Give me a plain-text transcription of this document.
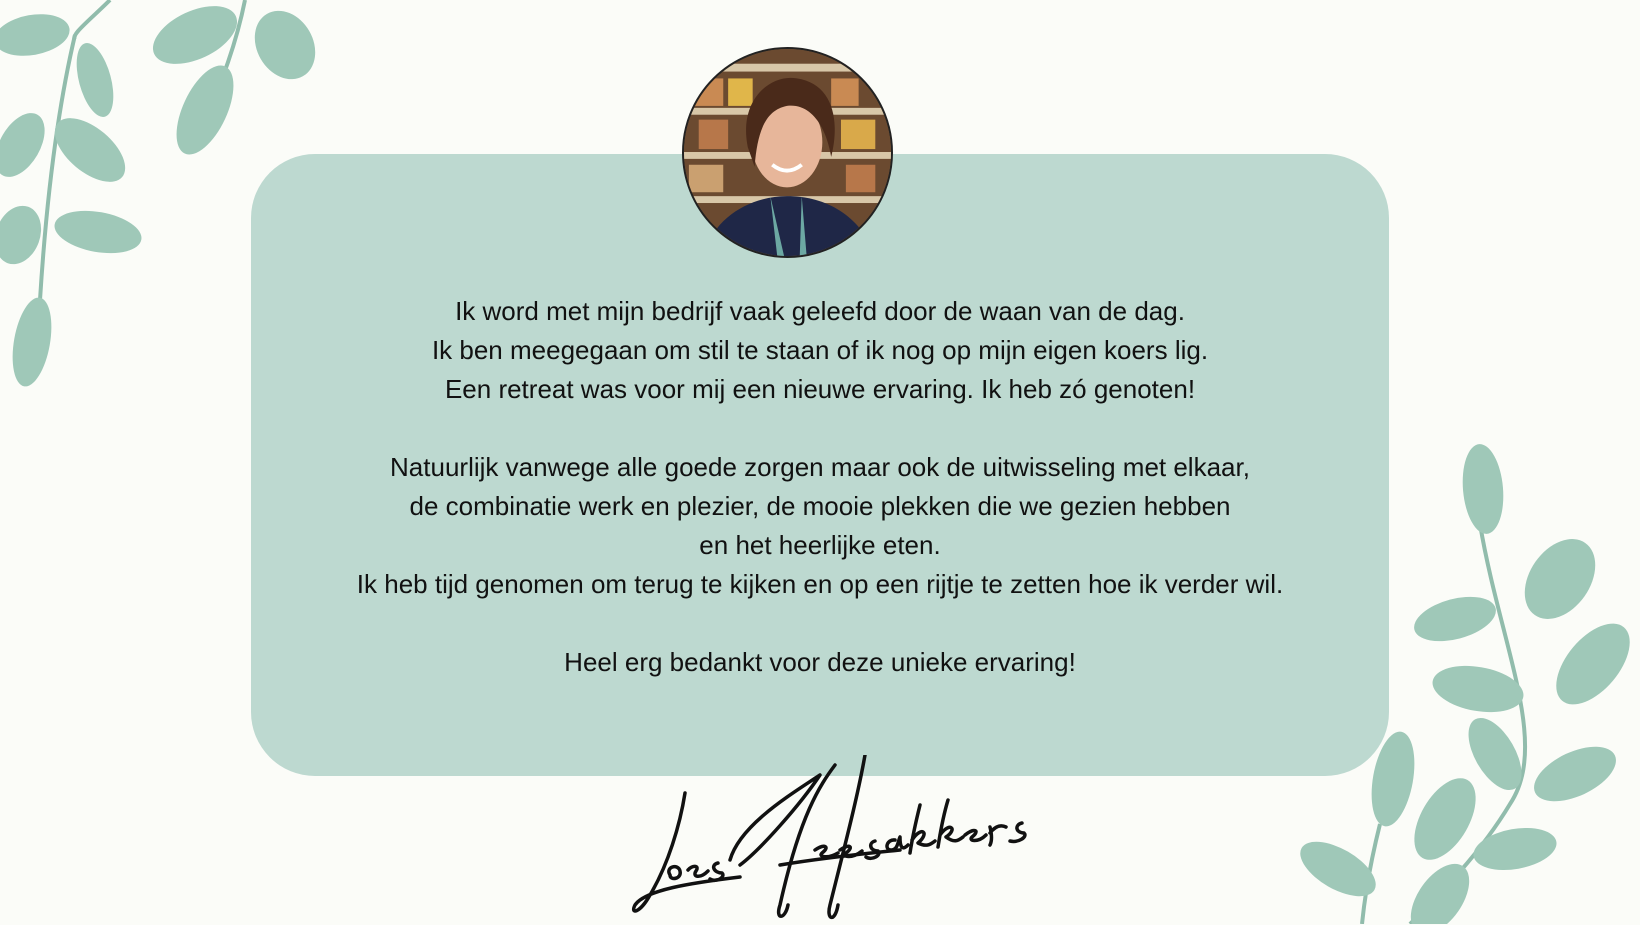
Ik word met mijn bedrijf vaak geleefd door de waan van de dag.
Ik ben meegegaan om stil te staan of ik nog op mijn eigen koers lig.
Een retreat was voor mij een nieuwe ervaring. Ik heb zó genoten!

Natuurlijk vanwege alle goede zorgen maar ook de uitwisseling met elkaar,
de combinatie werk en plezier, de mooie plekken die we gezien hebben
en het heerlijke eten.
Ik heb tijd genomen om terug te kijken en op een rijtje te zetten hoe ik verder wil.

Heel erg bedankt voor deze unieke ervaring!
